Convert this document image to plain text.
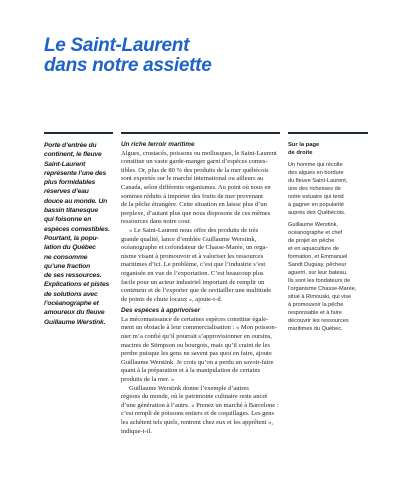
Le Saint-Laurent
dans notre assiette
Porte d’entrée du
continent, le fleuve
Saint-Laurent
représente l’une des
plus formidables
réserves d’eau
douce au monde. Un
bassin titanesque
qui foisonne en
espèces comestibles.
Pourtant, la popu-
lation du Québec
ne consomme
qu’une fraction
de ses ressources.
Explications et pistes
de solutions avec
l’océanographe et
amoureux du fleuve
Guillaume Werstink.
Un riche terroir maritime

Algues, crustacés, poissons ou mollusques, le Saint-Laurent
constitue un vaste garde-manger garni d’espèces comes-
tibles. Or, plus de 80 % des produits de la mer québécois
sont exportés sur le marché international ou ailleurs au
Canada, selon différents organismes. Au point où nous en
sommes réduits à importer des fruits de mer provenant
de la pêche étrangère. Cette situation en laisse plus d’un
perplexe, d’autant plus que nous disposons de ces mêmes
ressources dans notre cour.

« Le Saint-Laurent nous offre des produits de très
grande qualité, lance d’emblée Guillaume Werstink,
océanographe et cofondateur de Chasse-Marée, un orga-
nisme visant à promouvoir et à valoriser les ressources
maritimes d’ici. Le problème, c’est que l’industrie s’est
organisée en vue de l’exportation. C’est beaucoup plus
facile pour un acteur industriel important de remplir un
conteneur et de l’exporter que de ravitailler une multitude
de points de chute locaux », ajoute-t-il.

Des espèces à apprivoiser

La méconnaissance de certaines espèces constitue égale-
ment un obstacle à leur commercialisation : « Mon poisson-
nier m’a confié qu’il pourrait s’approvisionner en oursins,
mactres de Stimpson ou bourgots, mais qu’il craint de les
perdre puisque les gens ne savent pas quoi en faire, ajoute
Guillaume Werstink. Je crois qu’on a perdu un savoir-faire
quant à la préparation et à la manipulation de certains
produits de la mer. »

Guillaume Werstink donne l’exemple d’autres
régions du monde, où le patrimoine culinaire reste ancré
d’une génération à l’autre. « Prenez un marché à Barcelone :
c’est rempli de poissons entiers et de coquillages. Les gens
les achètent tels quels, rentrent chez eux et les apprêtent »,
indique-t-il.

Sur la page
de droite
Un homme qui récolte
des algues en bordure
du fleuve Saint-Laurent,
une des richesses de
notre estuaire qui tend
à gagner en popularité
auprès des Québécois.
Guillaume Werstink,
océanographe et chef
de projet en pêche
et en aquaculture de
formation, et Emmanuel
Sandt Duguay, pêcheur
aguerri, sur leur bateau.
Ils sont les fondateurs de
l’organisme Chasse-Marée,
situé à Rimouski, qui vise
à promouvoir la pêche
responsable et à faire
découvrir les ressources
maritimes du Québec.
